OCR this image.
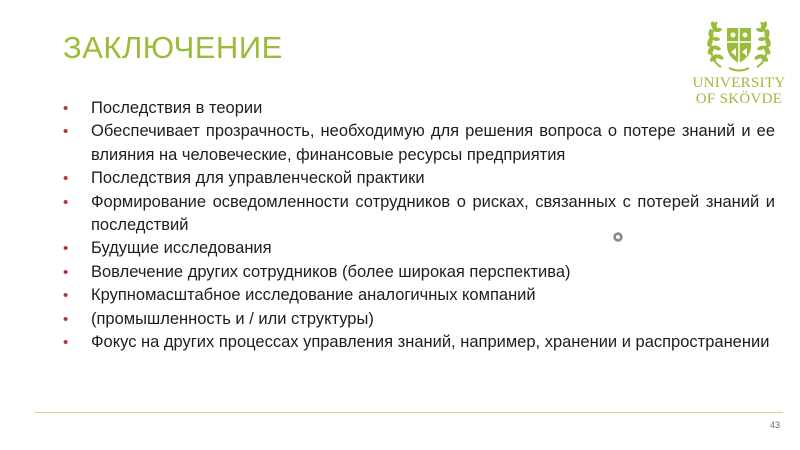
ЗАКЛЮЧЕНИЕ
UNIVERSITY
OF SKÖVDE
• Последствия в теории
• Обеспечивает прозрачность, необходимую для решения вопроса о потере знаний и ее влияния на человеческие, финансовые ресурсы предприятия
• Последствия для управленческой практики
• Формирование осведомленности сотрудников о рисках, связанных с потерей знаний и последствий
• Будущие исследования
• Вовлечение других сотрудников (более широкая перспектива)
• Крупномасштабное исследование аналогичных компаний
• (промышленность и / или структуры)
• Фокус на других процессах управления знаний, например, хранении и распространении
43
